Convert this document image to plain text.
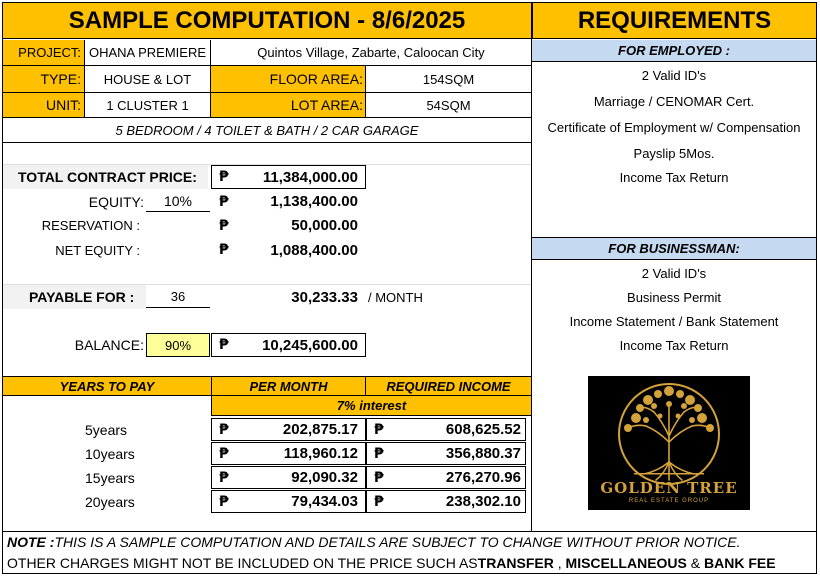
SAMPLE COMPUTATION - 8/6/2025	REQUIREMENTS
PROJECT: OHANA PREMIERE	Quintos Village, Zabarte, Caloocan City
TYPE:	HOUSE & LOT	FLOOR AREA:	154SQM
UNIT:	1 CLUSTER 1	LOT AREA:	54SQM
5 BEDROOM / 4 TOILET & BATH / 2 CAR GARAGE
TOTAL CONTRACT PRICE:	₱	11,384,000.00
EQUITY:	10%	₱	1,138,400.00
RESERVATION :	₱	50,000.00
NET EQUITY :	₱	1,088,400.00
PAYABLE FOR :	36	30,233.33 / MONTH
BALANCE:	90%	₱	10,245,600.00
YEARS TO PAY	PER MONTH	REQUIRED INCOME
7% interest
5years	₱	202,875.17 ₱	608,625.52
10years	₱	118,960.12 ₱	356,880.37
15years	₱	92,090.32 ₱	276,270.96
20years	₱	79,434.03 ₱	238,302.10
FOR EMPLOYED :
2 Valid ID's
Marriage / CENOMAR Cert.
Certificate of Employment w/ Compensation
Payslip 5Mos.
Income Tax Return
FOR BUSINESSMAN:
2 Valid ID's
Business Permit
Income Statement / Bank Statement
Income Tax Return
GOLDEN TREE
REAL ESTATE GROUP
NOTE : THIS IS A SAMPLE COMPUTATION AND DETAILS ARE SUBJECT TO CHANGE WITHOUT PRIOR NOTICE.
OTHER CHARGES MIGHT NOT BE INCLUDED ON THE PRICE SUCH AS TRANSFER , MISCELLANEOUS & BANK FEE
